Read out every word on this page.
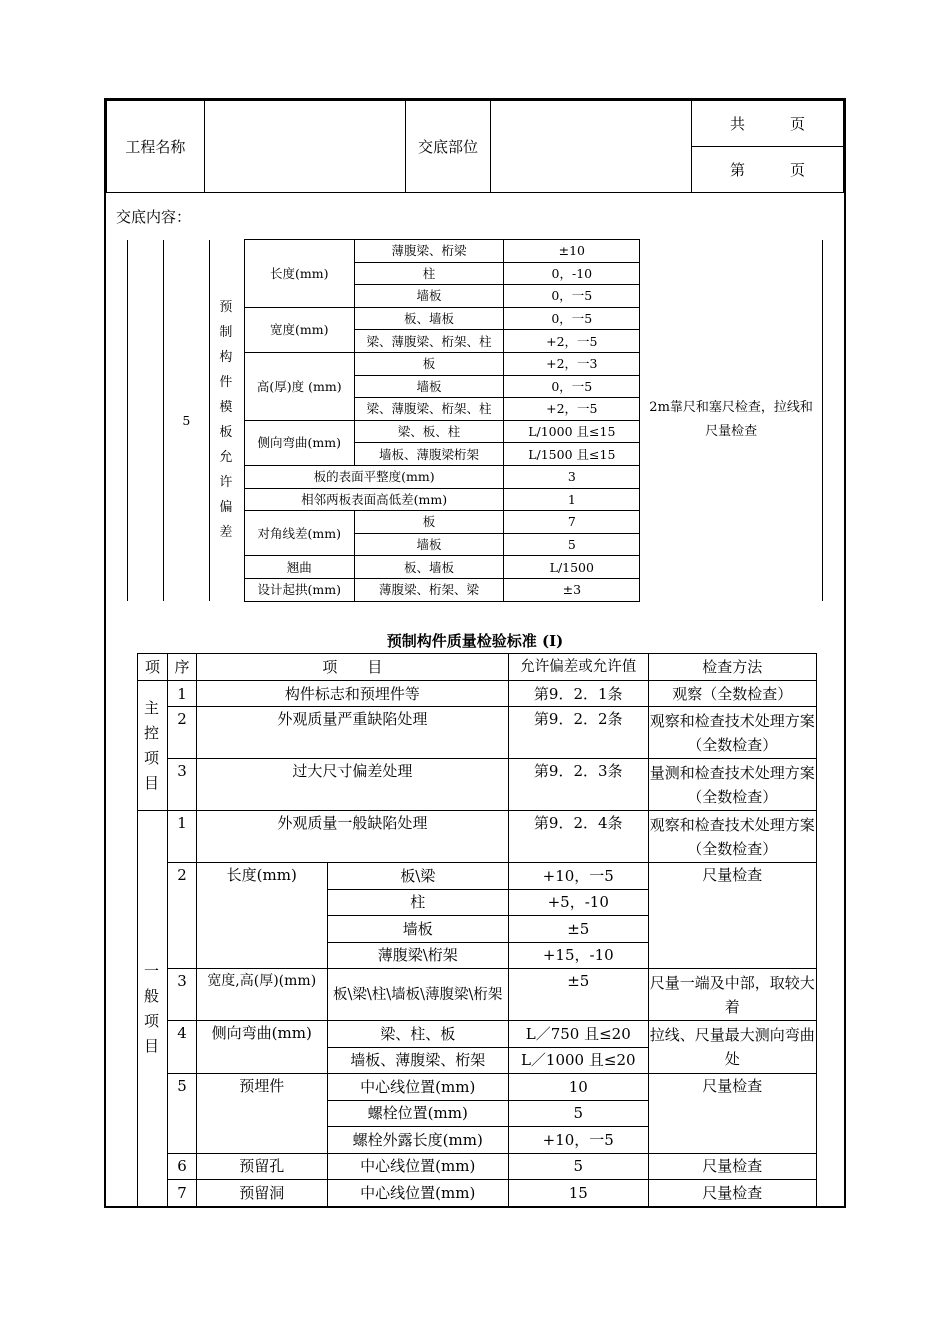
工程名称		交底部位		共　　　页
第　　　页
交底内容：
	5	预制构件模板允许偏差	长度(mm)	薄腹梁、桁梁	±10	2m靠尺和塞尺检查，拉线和尺量检查
				柱	0，-10	
				墙板	0，一5	
			宽度(mm)	板、墙板	0，一5	
				梁、薄腹梁、桁架、柱	+2，一5	
			高(厚)度 (mm)	板	+2，一3	
				墙板	0，一5	
				梁、薄腹梁、桁架、柱	+2，一5	
			侧向弯曲(mm)	梁、板、柱	L/1000 且≤15	
				墙板、薄腹梁桁架	L/1500 且≤15	
			板的表面平整度(mm)		3	
			相邻两板表面高低差(mm)		1	
			对角线差(mm)	板	7	
				墙板	5	
			翘曲	板、墙板	L/1500	
			设计起拱(mm)	薄腹梁、桁架、梁	±3	
预制构件质量检验标准 (I)
项	序	项　　目		允许偏差或允许值	检查方法
主控项目	1	构件标志和预埋件等		第9．2．1条	观察（全数检查）
	2	外观质量严重缺陷处理		第9．2．2条	观察和检查技术处理方案（全数检查）
	3	过大尺寸偏差处理		第9．2．3条	量测和检查技术处理方案（全数检查）
一般项目	1	外观质量一般缺陷处理		第9．2．4条	观察和检查技术处理方案（全数检查）
	2	长度(mm)	板\梁	+10，一5	尺量检查
			柱	+5，-10	
			墙板	±5	
			薄腹梁\桁架	+15，-10	
	3	宽度,高(厚)(mm)	板\梁\柱\墙板\薄腹梁\桁架	±5	尺量一端及中部，取较大着
	4	侧向弯曲(mm)	梁、柱、板	L／750 且≤20	拉线、尺量最大测向弯曲处
			墙板、薄腹梁、桁架	L／1000 且≤20	
	5	预埋件	中心线位置(mm)	10	尺量检查
			螺栓位置(mm)	5	
			螺栓外露长度(mm)	+10，一5	
	6	预留孔	中心线位置(mm)	5	尺量检查
	7	预留洞	中心线位置(mm)	15	尺量检查
